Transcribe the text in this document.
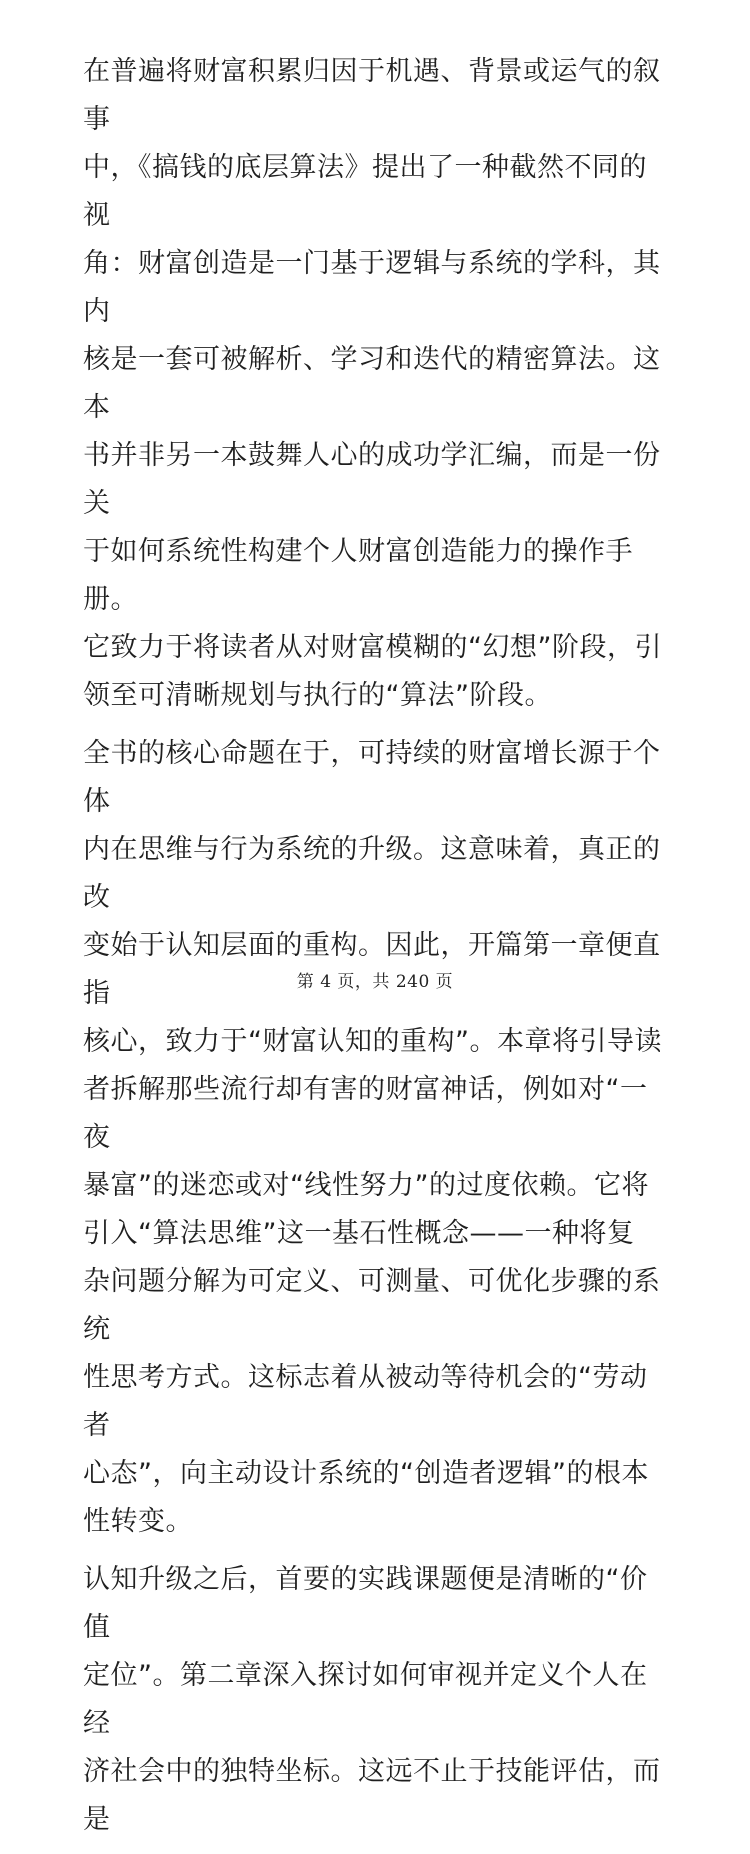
在普遍将财富积累归因于机遇、背景或运气的叙事
中，《搞钱的底层算法》提出了一种截然不同的视
角：财富创造是一门基于逻辑与系统的学科，其内
核是一套可被解析、学习和迭代的精密算法。这本
书并非另一本鼓舞人心的成功学汇编，而是一份关
于如何系统性构建个人财富创造能力的操作手册。
它致力于将读者从对财富模糊的“幻想”阶段，引
领至可清晰规划与执行的“算法”阶段。

全书的核心命题在于，可持续的财富增长源于个体
内在思维与行为系统的升级。这意味着，真正的改
变始于认知层面的重构。因此，开篇第一章便直指
核心，致力于“财富认知的重构”。本章将引导读
者拆解那些流行却有害的财富神话，例如对“一夜
暴富”的迷恋或对“线性努力”的过度依赖。它将
引入“算法思维”这一基石性概念——一种将复
杂问题分解为可定义、可测量、可优化步骤的系统
性思考方式。这标志着从被动等待机会的“劳动者
心态”，向主动设计系统的“创造者逻辑”的根本
性转变。

认知升级之后，首要的实践课题便是清晰的“价值
定位”。第二章深入探讨如何审视并定义个人在经
济社会中的独特坐标。这远不止于技能评估，而是

第 4 页，共 240 页
